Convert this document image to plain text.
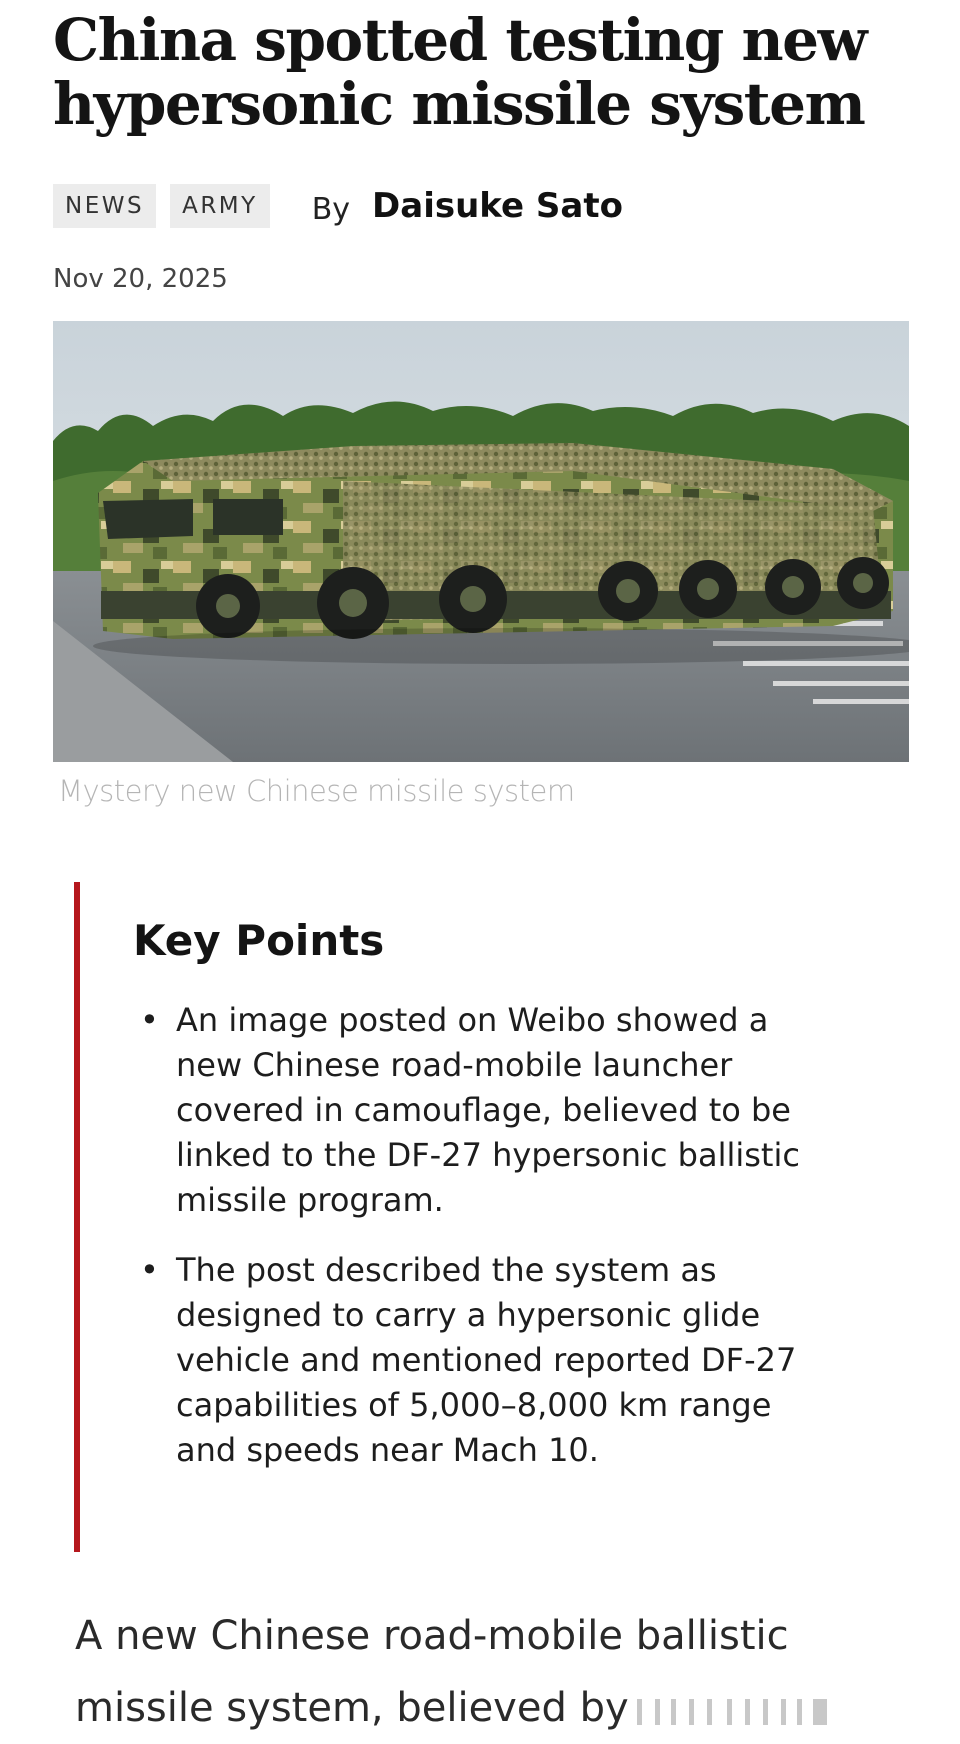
China spotted testing new hypersonic missile system
NEWS	ARMY	By Daisuke Sato
Nov 20, 2025
Mystery new Chinese missile system
Key Points
• An image posted on Weibo showed a new Chinese road-mobile launcher covered in camouflage, believed to be linked to the DF-27 hypersonic ballistic missile program.
• The post described the system as designed to carry a hypersonic glide vehicle and mentioned reported DF-27 capabilities of 5,000–8,000 km range and speeds near Mach 10.

A new Chinese road-mobile ballistic missile system, believed by
